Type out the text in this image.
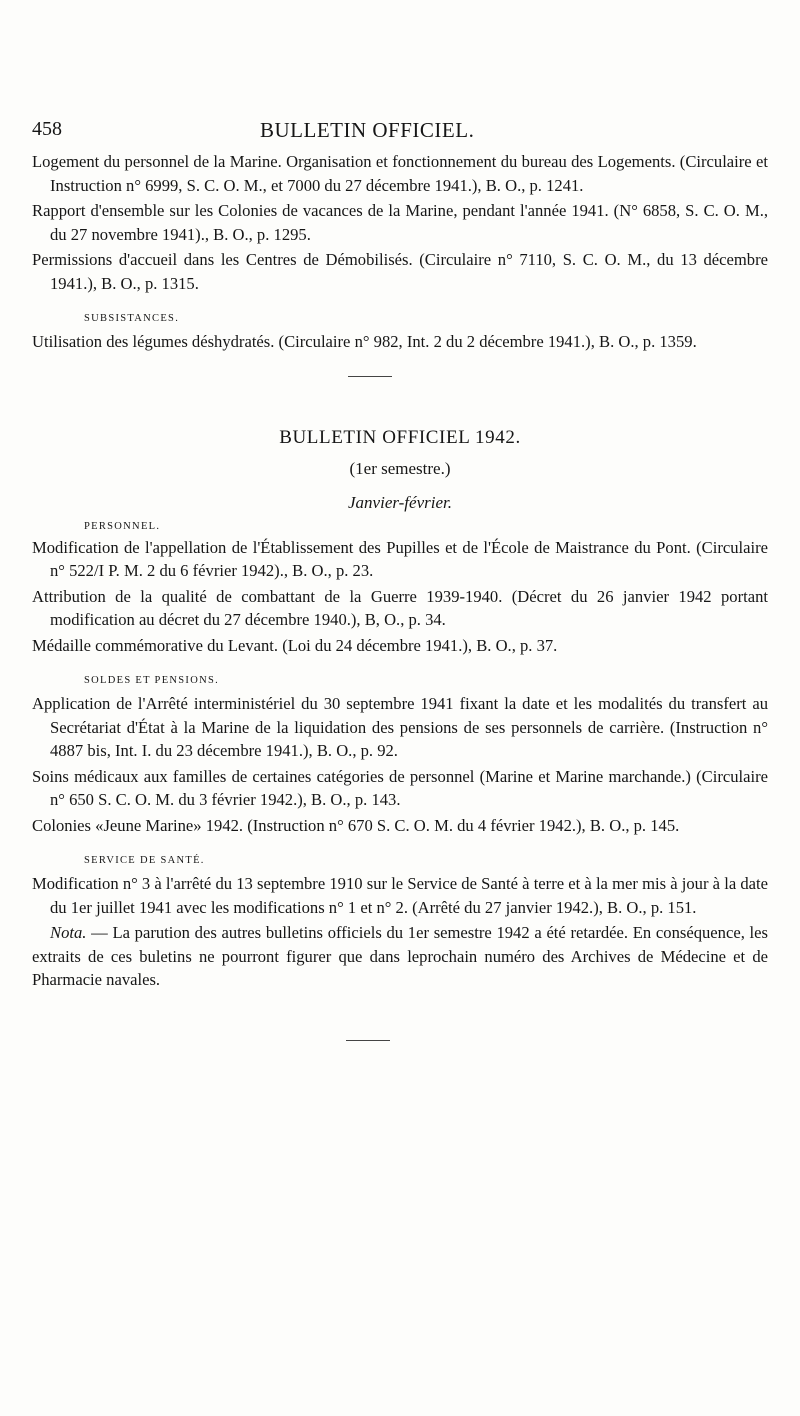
458	BULLETIN OFFICIEL.

Logement du personnel de la Marine. Organisation et fonctionnement du bureau des Logements. (Circulaire et Instruction n° 6999, S. C. O. M., et 7000 du 27 décembre 1941.), B. O., p. 1241.

Rapport d'ensemble sur les Colonies de vacances de la Marine, pendant l'année 1941. (N° 6858, S. C. O. M., du 27 novembre 1941)., B. O., p. 1295.

Permissions d'accueil dans les Centres de Démobilisés. (Circulaire n° 7110, S. C. O. M., du 13 décembre 1941.), B. O., p. 1315.

SUBSISTANCES.

Utilisation des légumes déshydratés. (Circulaire n° 982, Int. 2 du 2 décembre 1941.), B. O., p. 1359.

BULLETIN OFFICIEL 1942.
(1er semestre.)
Janvier-février.

PERSONNEL.

Modification de l'appellation de l'Établissement des Pupilles et de l'École de Maistrance du Pont. (Circulaire n° 522/I P. M. 2 du 6 février 1942)., B. O., p. 23.

Attribution de la qualité de combattant de la Guerre 1939-1940. (Décret du 26 janvier 1942 portant modification au décret du 27 décembre 1940.), B, O., p. 34.

Médaille commémorative du Levant. (Loi du 24 décembre 1941.), B. O., p. 37.

SOLDES ET PENSIONS.

Application de l'Arrêté interministériel du 30 septembre 1941 fixant la date et les modalités du transfert au Secrétariat d'État à la Marine de la liquidation des pensions de ses personnels de carrière. (Instruction n° 4887 bis, Int. I. du 23 décembre 1941.), B. O., p. 92.

Soins médicaux aux familles de certaines catégories de personnel (Marine et Marine marchande.) (Circulaire n° 650 S. C. O. M. du 3 février 1942.), B. O., p. 143.

Colonies «Jeune Marine» 1942. (Instruction n° 670 S. C. O. M. du 4 février 1942.), B. O., p. 145.

SERVICE DE SANTÉ.

Modification n° 3 à l'arrêté du 13 septembre 1910 sur le Service de Santé à terre et à la mer mis à jour à la date du 1er juillet 1941 avec les modifications n° 1 et n° 2. (Arrêté du 27 janvier 1942.), B. O., p. 151.

Nota. — La parution des autres bulletins officiels du 1er semestre 1942 a été retardée. En conséquence, les extraits de ces buletins ne pourront figurer que dans leprochain numéro des Archives de Médecine et de Pharmacie navales.
